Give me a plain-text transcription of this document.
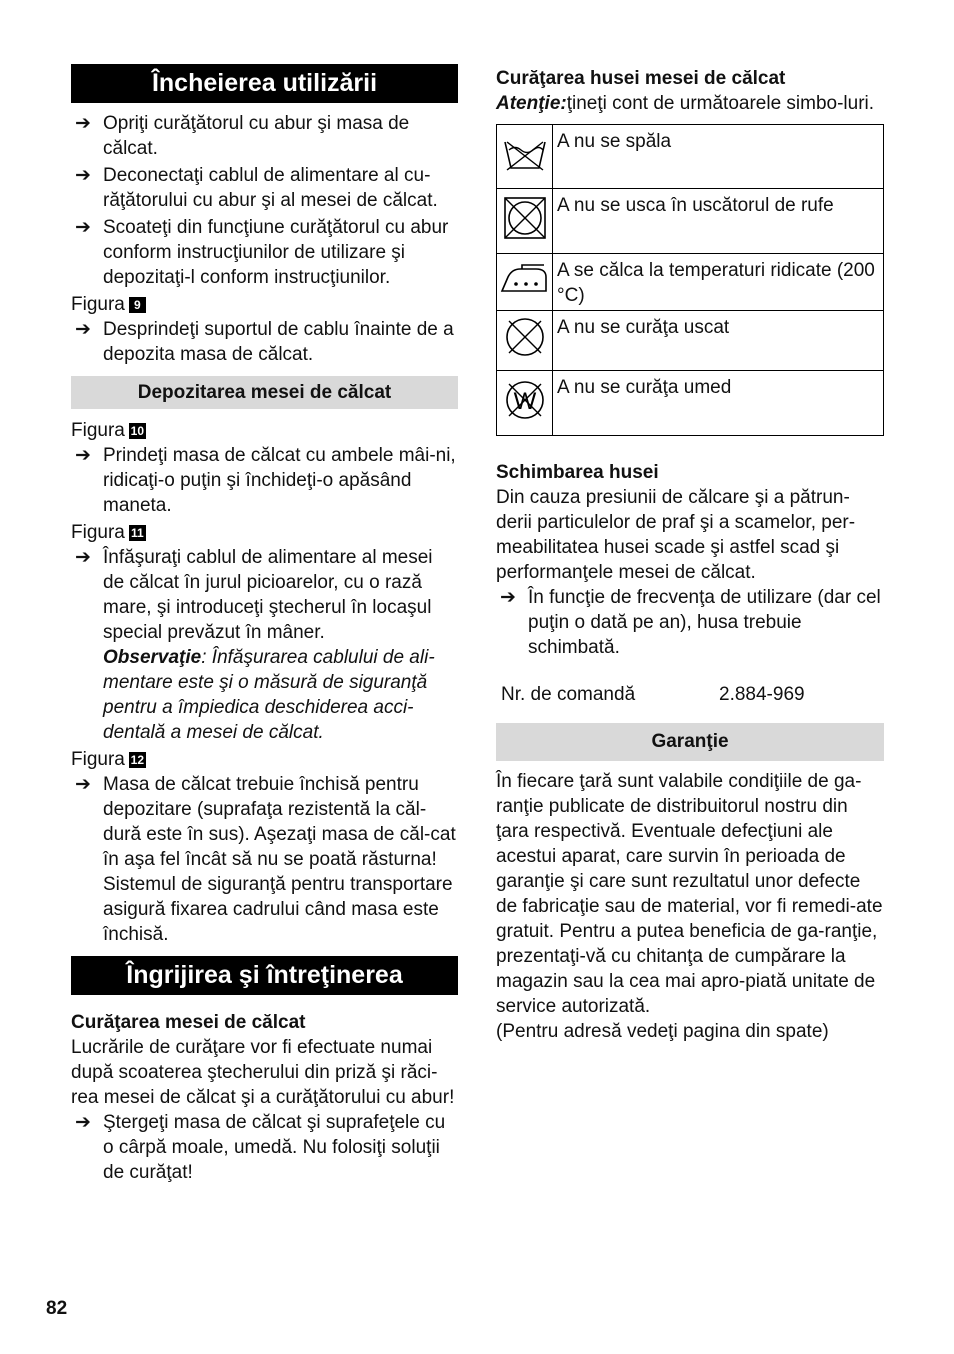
Încheierea utilizării
➔ Opriţi curăţătorul cu abur şi masa de călcat.
➔ Deconectaţi cablul de alimentare al cu-răţătorului cu abur şi al mesei de călcat.
➔ Scoateţi din funcţiune curăţătorul cu abur conform instrucţiunilor de utilizare şi depozitaţi-l conform instrucţiunilor.
Figura 9
➔ Desprindeţi suportul de cablu înainte de a depozita masa de călcat.
Depozitarea mesei de călcat
Figura 10
➔ Prindeţi masa de călcat cu ambele mâi-ni, ridicaţi-o puţin şi închideţi-o apăsând maneta.
Figura 11
➔ Înfăşuraţi cablul de alimentare al mesei de călcat în jurul picioarelor, cu o rază mare, şi introduceţi ştecherul în locaşul special prevăzut în mâner.
Observaţie: Înfăşurarea cablului de ali-mentare este şi o măsură de siguranţă pentru a împiedica deschiderea acci-dentală a mesei de călcat.
Figura 12
➔ Masa de călcat trebuie închisă pentru depozitare (suprafaţa rezistentă la căl-dură este în sus). Aşezaţi masa de căl-cat în aşa fel încât să nu se poată răsturna! Sistemul de siguranţă pentru transportare asigură fixarea cadrului când masa este închisă.
Îngrijirea şi întreţinerea
Curăţarea mesei de călcat
Lucrările de curăţare vor fi efectuate numai după scoaterea ştecherului din priză şi răci-rea mesei de călcat şi a curăţătorului cu abur!
➔ Ştergeţi masa de călcat şi suprafeţele cu o cârpă moale, umedă. Nu folosiţi soluţii de curăţat!
Curăţarea husei mesei de călcat
Atenţie:ţineţi cont de următoarele simbo-luri.
	A nu se spăla
	A nu se usca în uscătorul de rufe
	A se călca la temperaturi ridicate (200 °C)
	A nu se curăţa uscat

W	A nu se curăţa umed
Schimbarea husei
Din cauza presiunii de călcare şi a pătrun-derii particulelor de praf şi a scamelor, per-meabilitatea husei scade şi astfel scad şi performanţele mesei de călcat.
➔ În funcţie de frecvenţa de utilizare (dar cel puţin o dată pe an), husa trebuie schimbată.
Nr. de comandă	2.884-969
Garanţie
În fiecare ţară sunt valabile condiţiile de ga-ranţie publicate de distribuitorul nostru din ţara respectivă. Eventuale defecţiuni ale acestui aparat, care survin în perioada de garanţie şi care sunt rezultatul unor defecte de fabricaţie sau de material, vor fi remedi-ate gratuit. Pentru a putea beneficia de ga-ranţie, prezentaţi-vă cu chitanţa de cumpărare la magazin sau la cea mai apro-piată unitate de service autorizată.
(Pentru adresă vedeţi pagina din spate)
82
